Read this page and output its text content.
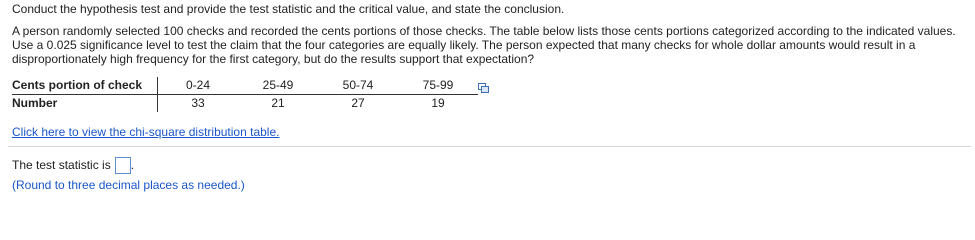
Conduct the hypothesis test and provide the test statistic and the critical value, and state the conclusion.

A person randomly selected 100 checks and recorded the cents portions of those checks. The table below lists those cents portions categorized according to the indicated values. Use a 0.025 significance level to test the claim that the four categories are equally likely. The person expected that many checks for whole dollar amounts would result in a disproportionately high frequency for the first category, but do the results support that expectation?

Cents portion of check	0-24	25-49	50-74	75-99
Number	33	21	27	19
Click here to view the chi-square distribution table.
The test statistic is .
(Round to three decimal places as needed.)
